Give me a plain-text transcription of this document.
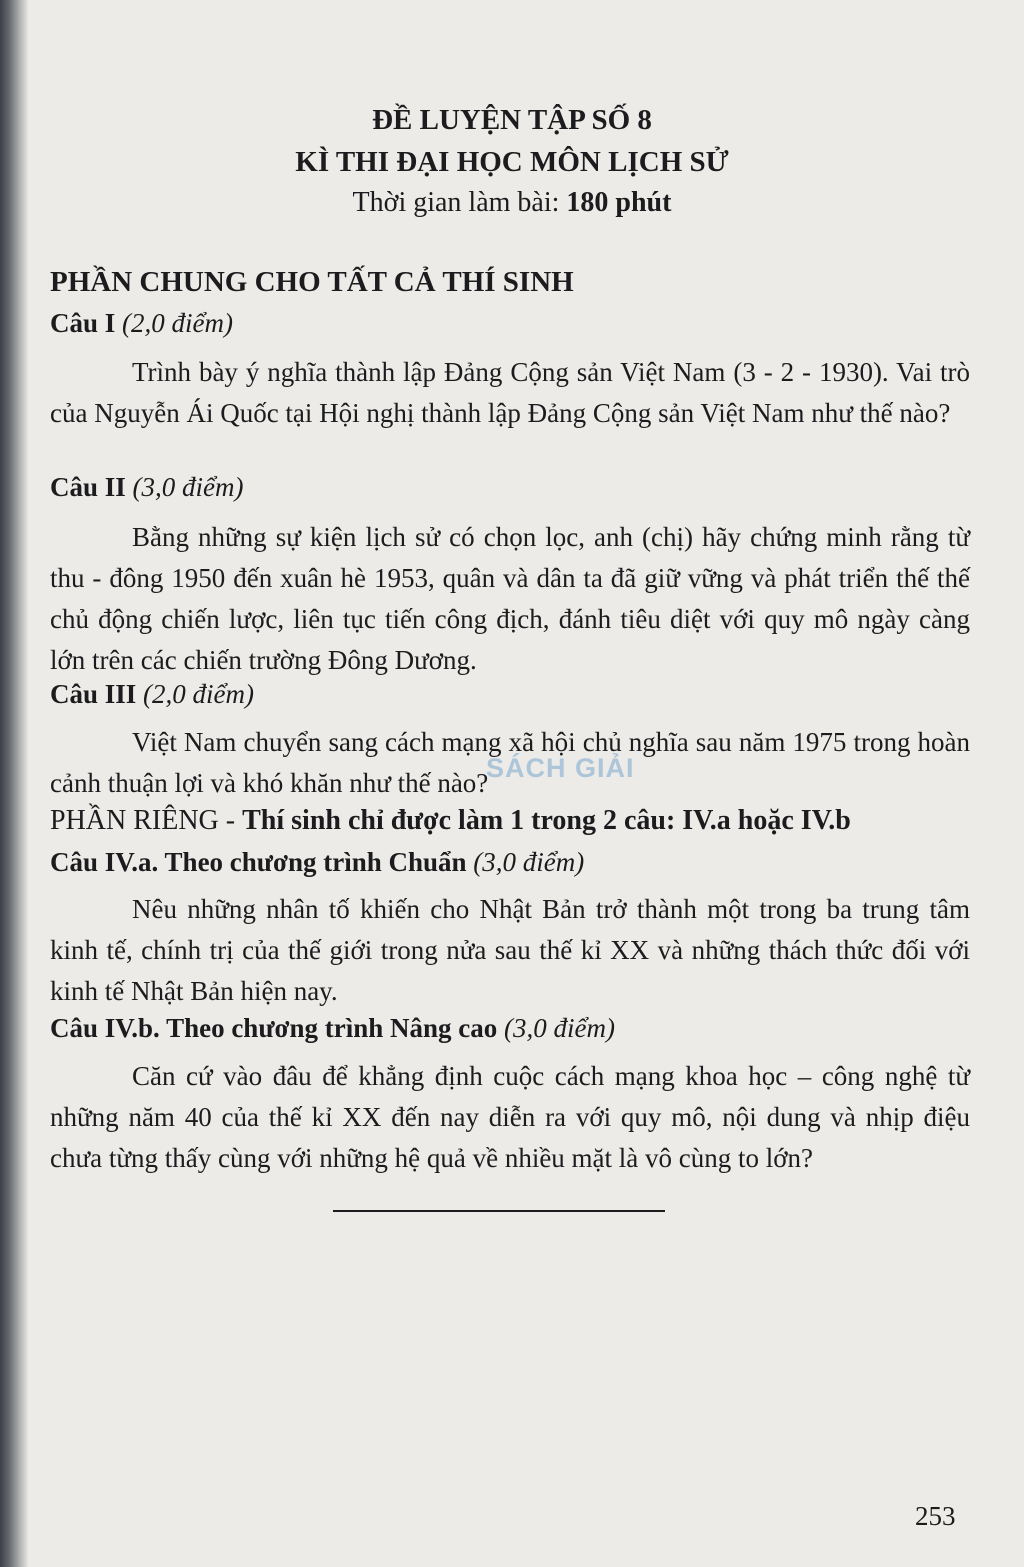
ĐỀ LUYỆN TẬP SỐ 8
KÌ THI ĐẠI HỌC MÔN LỊCH SỬ
Thời gian làm bài: 180 phút
PHẦN CHUNG CHO TẤT CẢ THÍ SINH
Câu I (2,0 điểm)
Trình bày ý nghĩa thành lập Đảng Cộng sản Việt Nam (3 - 2 - 1930). Vai trò của Nguyễn Ái Quốc tại Hội nghị thành lập Đảng Cộng sản Việt Nam như thế nào?
Câu II (3,0 điểm)
Bằng những sự kiện lịch sử có chọn lọc, anh (chị) hãy chứng minh rằng từ thu - đông 1950 đến xuân hè 1953, quân và dân ta đã giữ vững và phát triển thế thế chủ động chiến lược, liên tục tiến công địch, đánh tiêu diệt với quy mô ngày càng lớn trên các chiến trường Đông Dương.
Câu III (2,0 điểm)
Việt Nam chuyển sang cách mạng xã hội chủ nghĩa sau năm 1975 trong hoàn cảnh thuận lợi và khó khăn như thế nào?
PHẦN RIÊNG - Thí sinh chỉ được làm 1 trong 2 câu: IV.a hoặc IV.b
Câu IV.a. Theo chương trình Chuẩn (3,0 điểm)
Nêu những nhân tố khiến cho Nhật Bản trở thành một trong ba trung tâm kinh tế, chính trị của thế giới trong nửa sau thế kỉ XX và những thách thức đối với kinh tế Nhật Bản hiện nay.
Câu IV.b. Theo chương trình Nâng cao (3,0 điểm)
Căn cứ vào đâu để khẳng định cuộc cách mạng khoa học – công nghệ từ những năm 40 của thế kỉ XX đến nay diễn ra với quy mô, nội dung và nhịp điệu chưa từng thấy cùng với những hệ quả về nhiều mặt là vô cùng to lớn?
SÁCH GIẢI
253
